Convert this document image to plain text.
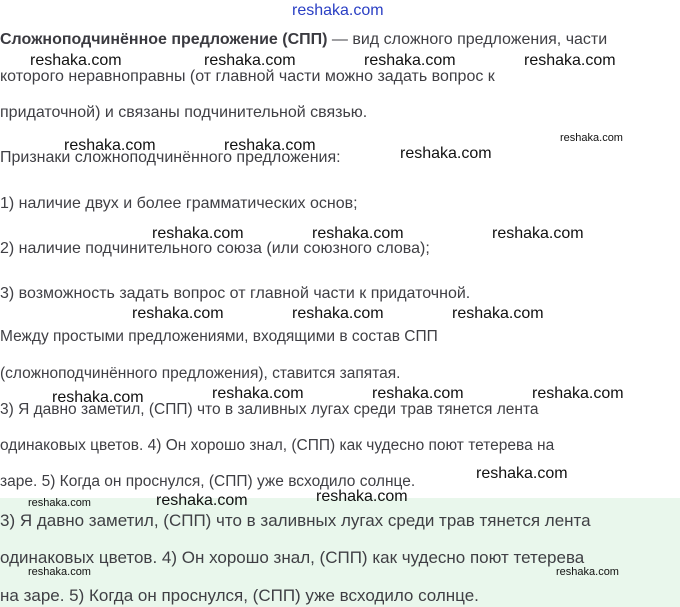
Сложноподчинённое предложение (СПП) — вид сложного предложения, части
которого неравноправны (от главной части можно задать вопрос к
придаточной) и связаны подчинительной связью.
Признаки сложноподчинённого предложения:
1) наличие двух и более грамматических основ;
2) наличие подчинительного союза (или союзного слова);
3) возможность задать вопрос от главной части к придаточной.
Между простыми предложениями, входящими в состав СПП
(сложноподчинённого предложения), ставится запятая.
3) Я давно заметил, (СПП) что в заливных лугах среди трав тянется лента
одинаковых цветов. 4) Он хорошо знал, (СПП) как чудесно поют тетерева на
заре. 5) Когда он проснулся, (СПП) уже всходило солнце.
3) Я давно заметил, (СПП) что в заливных лугах среди трав тянется лента
одинаковых цветов. 4) Он хорошо знал, (СПП) как чудесно поют тетерева
на заре. 5) Когда он проснулся, (СПП) уже всходило солнце.
reshaka.com
reshaka.com	reshaka.com	reshaka.com	reshaka.com
reshaka.com	reshaka.com	reshaka.com
reshaka.com
reshaka.com	reshaka.com	reshaka.com
reshaka.com	reshaka.com	reshaka.com
reshaka.com	reshaka.com	reshaka.com	reshaka.com
reshaka.com
reshaka.com	reshaka.com	reshaka.com
reshaka.com	reshaka.com
